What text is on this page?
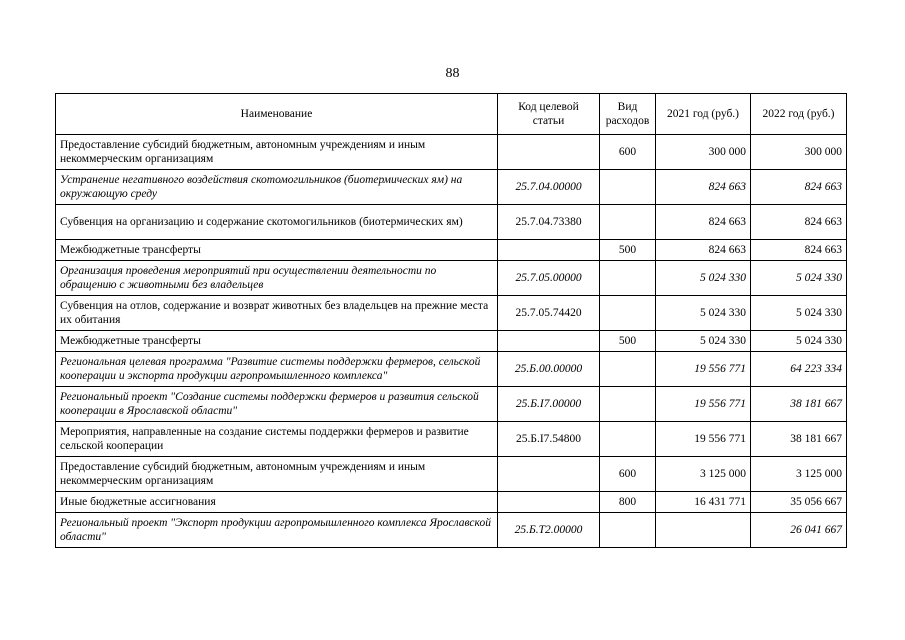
88
Наименование	Код целевой статьи	Вид расходов	2021 год (руб.)	2022 год (руб.)
Предоставление субсидий бюджетным, автономным учреждениям и иным некоммерческим организациям		600	300 000	300 000
Устранение негативного воздействия скотомогильников (биотермических ям) на окружающую среду	25.7.04.00000		824 663	824 663
Субвенция на организацию и содержание скотомогильников (биотермических ям)	25.7.04.73380		824 663	824 663
Межбюджетные трансферты		500	824 663	824 663
Организация проведения мероприятий при осуществлении деятельности по обращению с животными без владельцев	25.7.05.00000		5 024 330	5 024 330
Субвенция на отлов, содержание и возврат животных без владельцев на прежние места их обитания	25.7.05.74420		5 024 330	5 024 330
Межбюджетные трансферты		500	5 024 330	5 024 330
Региональная целевая программа "Развитие системы поддержки фермеров, сельской кооперации и экспорта продукции агропромышленного комплекса"	25.Б.00.00000		19 556 771	64 223 334
Региональный проект "Создание системы поддержки фермеров и развития сельской кооперации в Ярославской области"	25.Б.I7.00000		19 556 771	38 181 667
Мероприятия, направленные на создание системы поддержки фермеров и развитие сельской кооперации	25.Б.I7.54800		19 556 771	38 181 667
Предоставление субсидий бюджетным, автономным учреждениям и иным некоммерческим организациям		600	3 125 000	3 125 000
Иные бюджетные ассигнования		800	16 431 771	35 056 667
Региональный проект "Экспорт продукции агропромышленного комплекса Ярославской области"	25.Б.Т2.00000			26 041 667
